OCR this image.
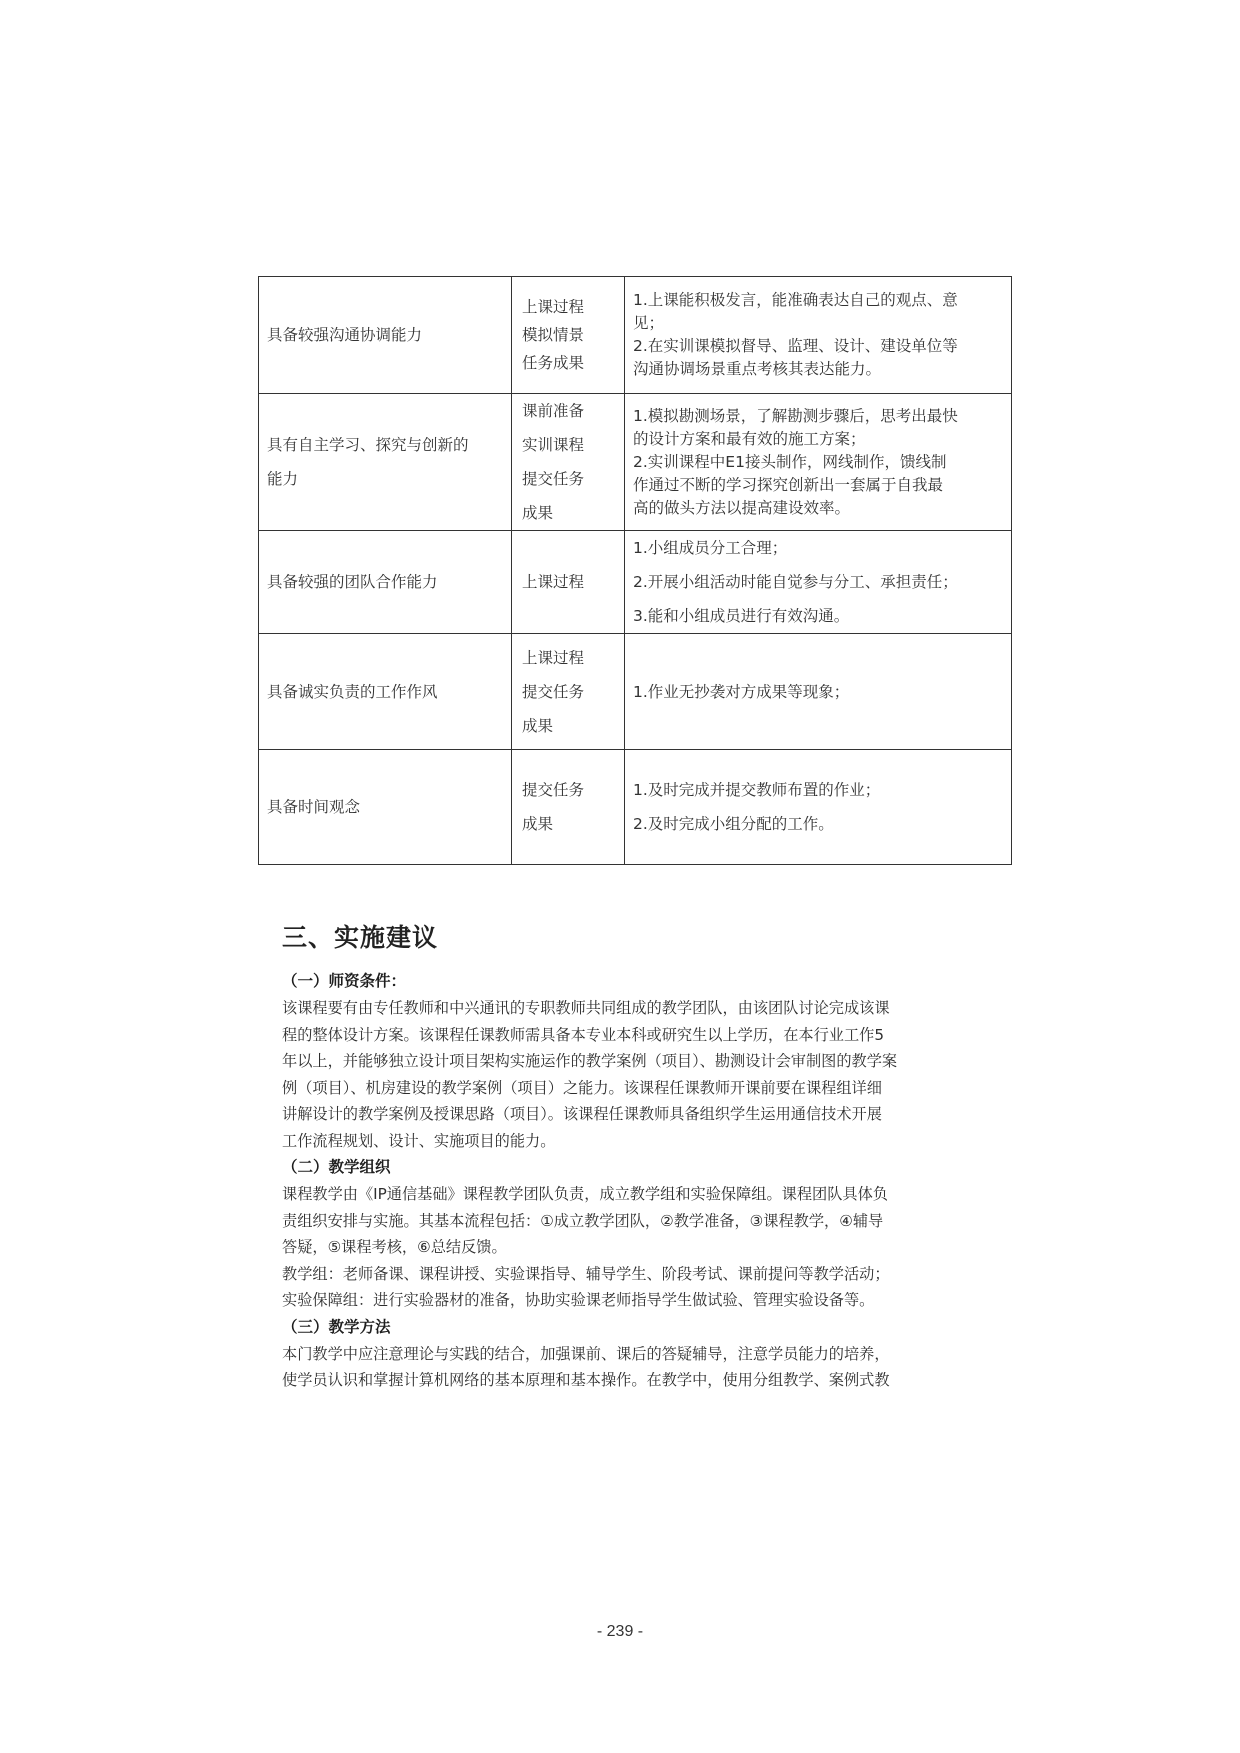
具备较强沟通协调能力	上课过程
模拟情景
任务成果	1.上课能积极发言，能准确表达自己的观点、意
见；
2.在实训课模拟督导、监理、设计、建设单位等
沟通协调场景重点考核其表达能力。

具有自主学习、探究与创新的
能力	课前准备
实训课程
提交任务
成果	1.模拟勘测场景，了解勘测步骤后，思考出最快
的设计方案和最有效的施工方案；
2.实训课程中E1接头制作，网线制作，馈线制
作通过不断的学习探究创新出一套属于自我最
高的做头方法以提高建设效率。

具备较强的团队合作能力	上课过程	1.小组成员分工合理；
2.开展小组活动时能自觉参与分工、承担责任；
3.能和小组成员进行有效沟通。

具备诚实负责的工作作风	上课过程
提交任务
成果	1.作业无抄袭对方成果等现象；

具备时间观念	提交任务
成果	1.及时完成并提交教师布置的作业；
2.及时完成小组分配的工作。
三、实施建议
（一）师资条件：
该课程要有由专任教师和中兴通讯的专职教师共同组成的教学团队，由该团队讨论完成该课
程的整体设计方案。该课程任课教师需具备本专业本科或研究生以上学历，在本行业工作5
年以上，并能够独立设计项目架构实施运作的教学案例（项目）、勘测设计会审制图的教学案
例（项目）、机房建设的教学案例（项目）之能力。该课程任课教师开课前要在课程组详细
讲解设计的教学案例及授课思路（项目）。该课程任课教师具备组织学生运用通信技术开展
工作流程规划、设计、实施项目的能力。
（二）教学组织
课程教学由《IP通信基础》课程教学团队负责，成立教学组和实验保障组。课程团队具体负
责组织安排与实施。其基本流程包括：①成立教学团队，②教学准备，③课程教学，④辅导
答疑，⑤课程考核，⑥总结反馈。
教学组：老师备课、课程讲授、实验课指导、辅导学生、阶段考试、课前提问等教学活动；
实验保障组：进行实验器材的准备，协助实验课老师指导学生做试验、管理实验设备等。
（三）教学方法
本门教学中应注意理论与实践的结合，加强课前、课后的答疑辅导，注意学员能力的培养，
使学员认识和掌握计算机网络的基本原理和基本操作。在教学中，使用分组教学、案例式教
- 239 -
